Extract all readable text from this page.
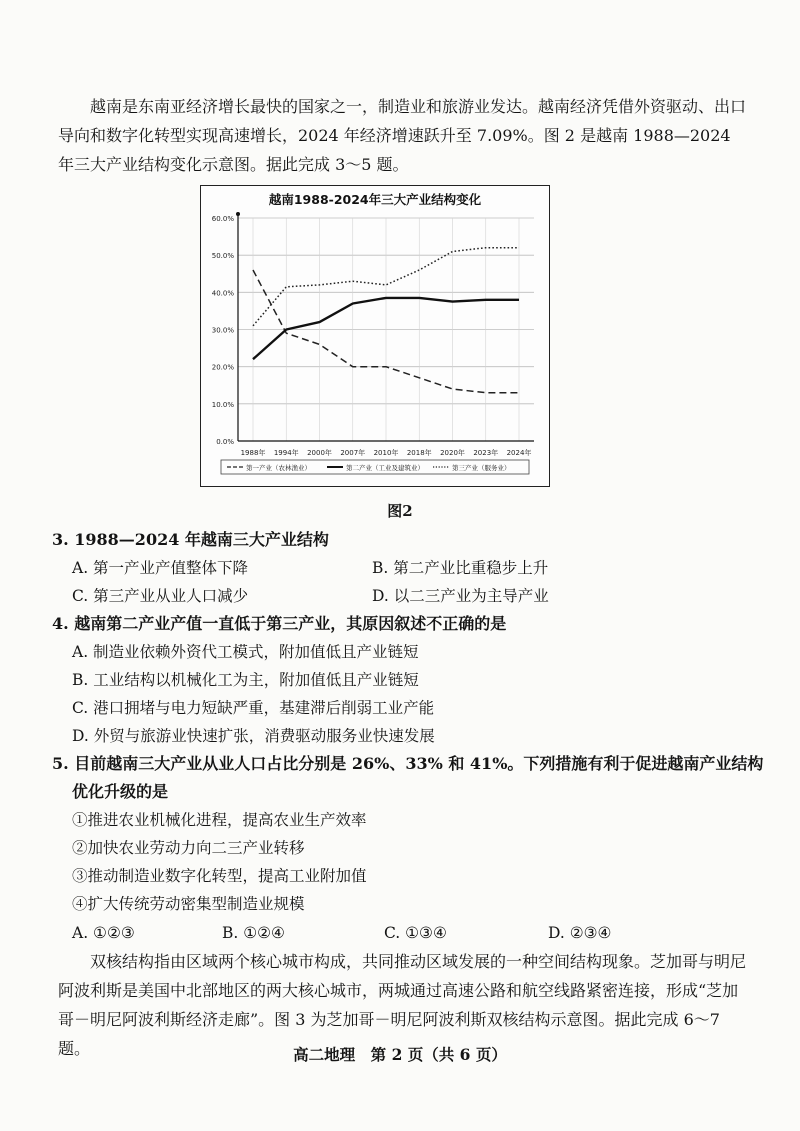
越南是东南亚经济增长最快的国家之一，制造业和旅游业发达。越南经济凭借外资驱动、出口导向和数字化转型实现高速增长，2024 年经济增速跃升至 7.09%。图 2 是越南 1988—2024 年三大产业结构变化示意图。据此完成 3～5 题。

越南1988-2024年三大产业结构变化
0.0%
10.0%
20.0%
30.0%
40.0%
50.0%
60.0%
1988年 1994年 2000年 2007年 2010年 2018年 2020年 2023年 2024年
第一产业（农林渔业）	第二产业（工业及建筑业）	第三产业（服务业）
图2
3. 1988—2024 年越南三大产业结构
A. 第一产业产值整体下降	B. 第二产业比重稳步上升
C. 第三产业从业人口减少	D. 以二三产业为主导产业
4. 越南第二产业产值一直低于第三产业，其原因叙述不正确的是
A. 制造业依赖外资代工模式，附加值低且产业链短
B. 工业结构以机械化工为主，附加值低且产业链短
C. 港口拥堵与电力短缺严重，基建滞后削弱工业产能
D. 外贸与旅游业快速扩张，消费驱动服务业快速发展
5. 目前越南三大产业从业人口占比分别是 26%、33% 和 41%。下列措施有利于促进越南产业结构
优化升级的是
①推进农业机械化进程，提高农业生产效率
②加快农业劳动力向二三产业转移
③推动制造业数字化转型，提高工业附加值
④扩大传统劳动密集型制造业规模
A. ①②③	B. ①②④	C. ①③④	D. ②③④

双核结构指由区域两个核心城市构成，共同推动区域发展的一种空间结构现象。芝加哥与明尼阿波利斯是美国中北部地区的两大核心城市，两城通过高速公路和航空线路紧密连接，形成“芝加哥－明尼阿波利斯经济走廊”。图 3 为芝加哥－明尼阿波利斯双核结构示意图。据此完成 6～7 题。	高二地理　第 2 页（共 6 页）
